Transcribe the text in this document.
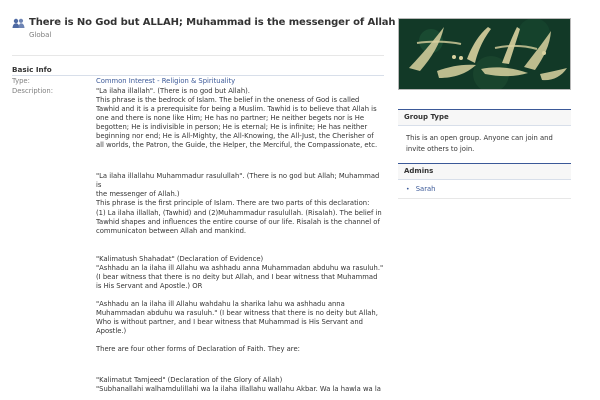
There is No God but ALLAH; Muhammad is the messenger of Allah
Global
Basic Info
Type:	Common Interest - Religion & Spirituality
Description:	"La ilaha illallah". (There is no god but Allah).
This phrase is the bedrock of Islam. The belief in the oneness of God is called
Tawhid and it is a prerequisite for being a Muslim. Tawhid is to believe that Allah is
one and there is none like Him; He has no partner; He neither begets nor is He
begotten; He is indivisible in person; He is eternal; He is infinite; He has neither
beginning nor end; He is All-Mighty, the All-Knowing, the All-Just, the Cherisher of
all worlds, the Patron, the Guide, the Helper, the Merciful, the Compassionate, etc.

"La ilaha illallahu Muhammadur rasulullah". (There is no god but Allah; Muhammad is
the messenger of Allah.)
This phrase is the first principle of Islam. There are two parts of this declaration:
(1) La ilaha illallah, (Tawhid) and (2)Muhammadur rasulullah. (Risalah). The belief in
Tawhid shapes and influences the entire course of our life. Risalah is the channel of
communicaton between Allah and mankind.

"Kalimatush Shahadat" (Declaration of Evidence)
"Ashhadu an la ilaha ill Allahu wa ashhadu anna Muhammadan abduhu wa rasuluh."
(I bear witness that there is no deity but Allah, and I bear witness that Muhammad
is His Servant and Apostle.) OR

"Ashhadu an la ilaha ill Allahu wahdahu la sharika lahu wa ashhadu anna
Muhammadan abduhu wa rasuluh." (I bear witness that there is no deity but Allah,
Who is without partner, and I bear witness that Muhammad is His Servant and
Apostle.)

There are four other forms of Declaration of Faith. They are:

"Kalimatut Tamjeed" (Declaration of the Glory of Allah)
"Subhanallahi walhamdulillahi wa la ilaha illallahu wallahu Akbar. Wa la hawla wa la

Group Type
This is an open group. Anyone can join and invite others to join.
Admins
• Sarah
